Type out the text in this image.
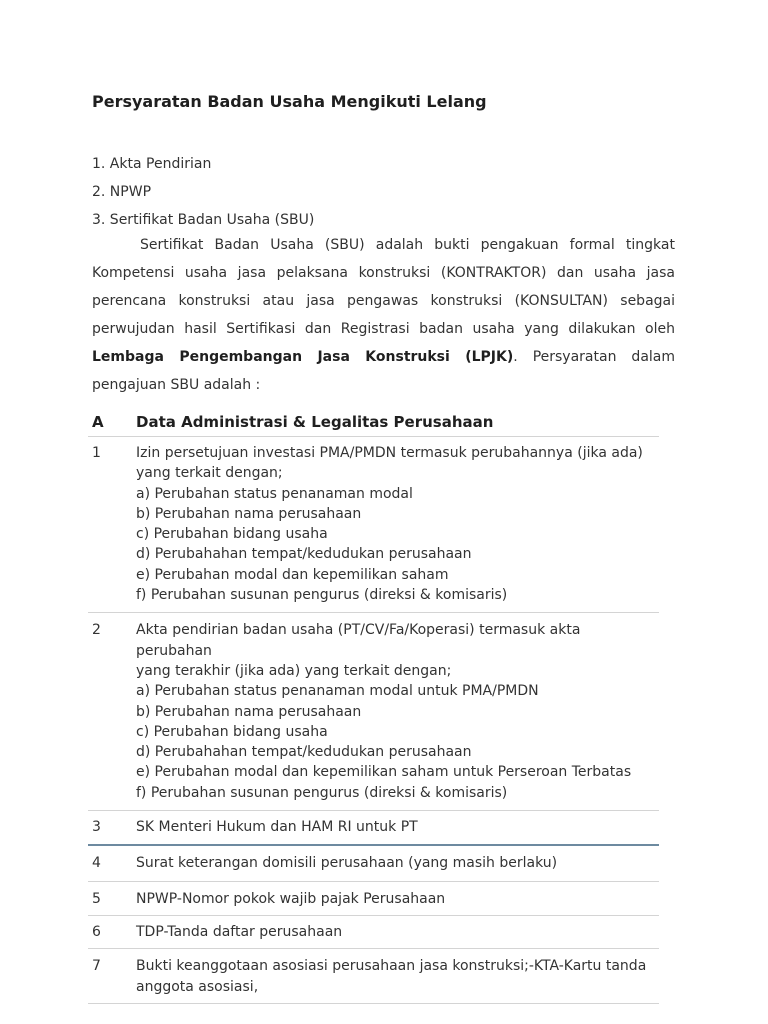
Persyaratan Badan Usaha Mengikuti Lelang
1. Akta Pendirian
2. NPWP
3. Sertifikat Badan Usaha (SBU)
Sertifikat Badan Usaha (SBU) adalah bukti pengakuan formal tingkat Kompetensi usaha jasa pelaksana konstruksi (KONTRAKTOR) dan usaha jasa perencana konstruksi atau jasa pengawas konstruksi (KONSULTAN) sebagai perwujudan hasil Sertifikasi dan Registrasi badan usaha yang dilakukan oleh Lembaga Pengembangan Jasa Konstruksi (LPJK). Persyaratan dalam pengajuan SBU adalah :
A	Data Administrasi & Legalitas Perusahaan
1	Izin persetujuan investasi PMA/PMDN termasuk perubahannya (jika ada)
yang terkait dengan;
a) Perubahan status penanaman modal
b) Perubahan nama perusahaan
c) Perubahan bidang usaha
d) Perubahahan tempat/kedudukan perusahaan
e) Perubahan modal dan kepemilikan saham
f) Perubahan susunan pengurus (direksi & komisaris)
2	Akta pendirian badan usaha (PT/CV/Fa/Koperasi) termasuk akta perubahan
yang terakhir (jika ada) yang terkait dengan;
a) Perubahan status penanaman modal untuk PMA/PMDN
b) Perubahan nama perusahaan
c) Perubahan bidang usaha
d) Perubahahan tempat/kedudukan perusahaan
e) Perubahan modal dan kepemilikan saham untuk Perseroan Terbatas
f) Perubahan susunan pengurus (direksi & komisaris)
3	SK Menteri Hukum dan HAM RI untuk PT
4	Surat keterangan domisili perusahaan (yang masih berlaku)
5	NPWP-Nomor pokok wajib pajak Perusahaan
6	TDP-Tanda daftar perusahaan
7	Bukti keanggotaan asosiasi perusahaan jasa konstruksi;-KTA-Kartu tanda
anggota asosiasi,
